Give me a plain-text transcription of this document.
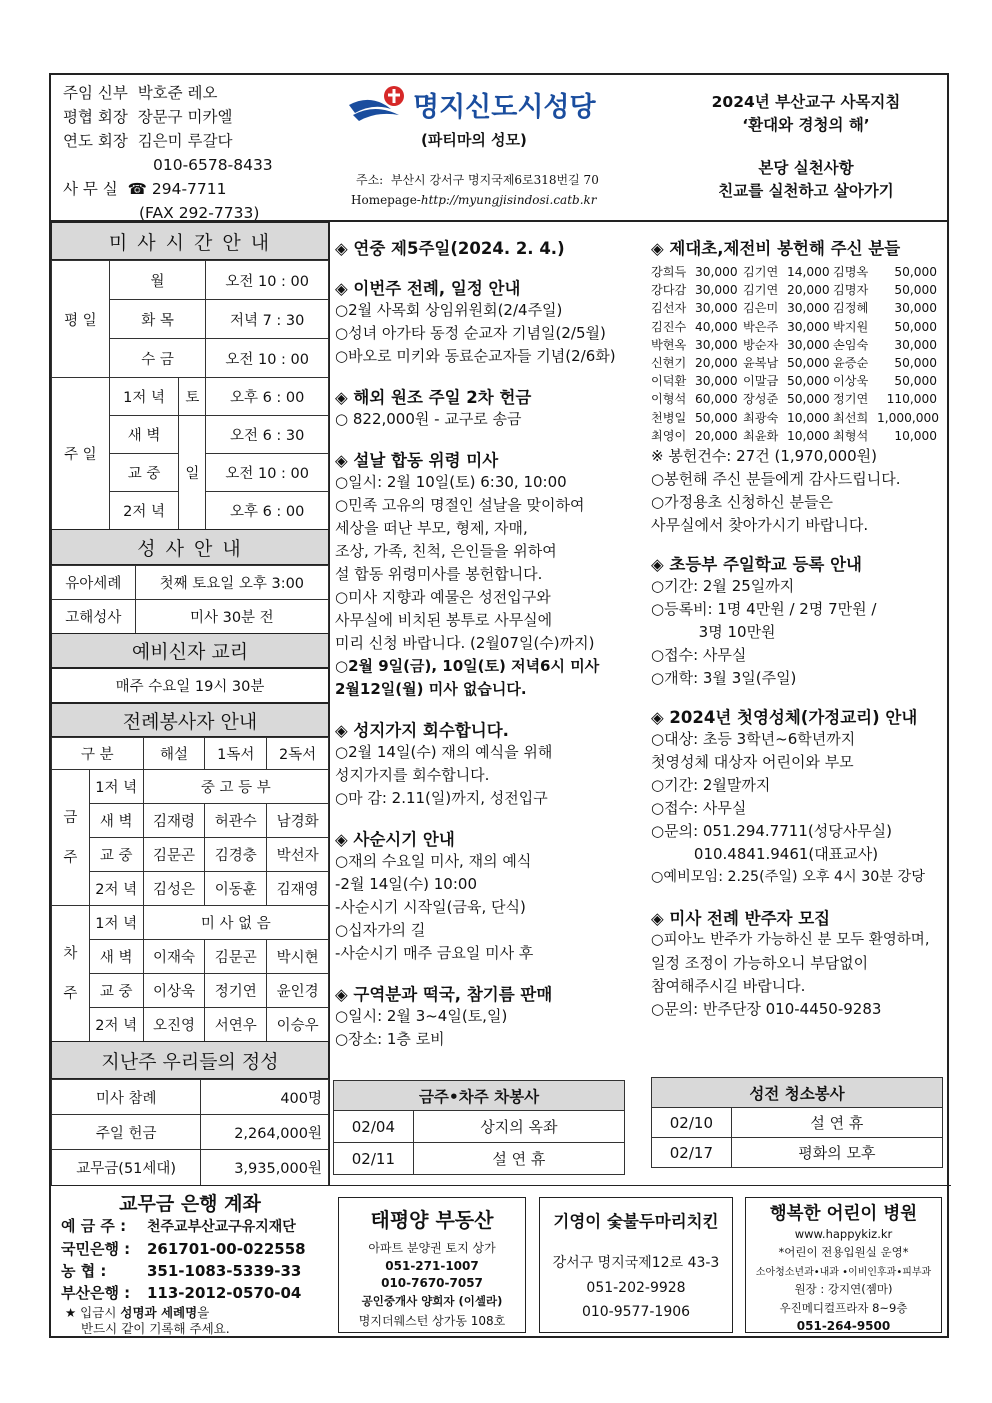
주임 신부 박호준 레오
평협 회장 장문구 미카엘
연도 회장 김은미 루갈다
010-6578-8433
사 무 실 ☎ 294-7711
(FAX 292-7733)
명지신도시성당
(파티마의 성모)
주소: 부산시 강서구 명지국제6로318번길 70
Homepage-http://myungjisindosi.catb.kr
2024년 부산교구 사목지침
‘환대와 경청의 해’
본당 실천사항
친교를 실천하고 살아가기
미 사 시 간 안 내
평 일	월		오전 10 : 00
	화 목		저녁 7 : 30
	수 금		오전 10 : 00
주 일	1저 녁	토	오후 6 : 00
	새 벽	일	오전 6 : 30
	교 중		오전 10 : 00
	2저 녁		오후 6 : 00
성 사 안 내
유아세례	첫째 토요일 오후 3:00
고해성사	미사 30분 전
예비신자 교리
매주 수요일 19시 30분
전례봉사자 안내
구 분		해설	1독서	2독서
금
주	1저 녁	중 고 등 부		
	새 벽	김재령	허관수	남경화
	교 중	김문곤	김경충	박선자
	2저 녁	김성은	이동훈	김재영
차
주	1저 녁	미 사 없 음		
	새 벽	이재숙	김문곤	박시현
	교 중	이상욱	정기연	윤인경
	2저 녁	오진영	서연우	이승우
지난주 우리들의 정성
미사 참례	400명
주일 헌금	2,264,000원
교무금(51세대)	3,935,000원
교무금 은행 계좌
예 금 주 : 천주교부산교구유지재단
국민은행 : 261701-00-022558
농 협 :	351-1083-5339-33
부산은행 : 113-2012-0570-04
★ 입금시 성명과 세례명을
반드시 같이 기록해 주세요.
◈ 연중 제5주일(2024. 2. 4.)
◈ 이번주 전례, 일정 안내
○2월 사목회 상임위원회(2/4주일)
○성녀 아가타 동정 순교자 기념일(2/5월)
○바오로 미키와 동료순교자들 기념(2/6화)
◈ 해외 원조 주일 2차 헌금
○ 822,000원 - 교구로 송금
◈ 설날 합동 위령 미사
○일시: 2월 10일(토) 6:30, 10:00
○민족 고유의 명절인 설날을 맞이하여
세상을 떠난 부모, 형제, 자매,
조상, 가족, 친척, 은인들을 위하여
설 합동 위령미사를 봉헌합니다.
○미사 지향과 예물은 성전입구와
사무실에 비치된 봉투로 사무실에
미리 신청 바랍니다. (2월07일(수)까지)
○2월 9일(금), 10일(토) 저녁6시 미사
2월12일(월) 미사 없습니다.
◈ 성지가지 회수합니다.
○2월 14일(수) 재의 예식을 위해
성지가지를 회수합니다.
○마 감: 2.11(일)까지, 성전입구
◈ 사순시기 안내
○재의 수요일 미사, 재의 예식
-2월 14일(수) 10:00
-사순시기 시작일(금육, 단식)
○십자가의 길
-사순시기 매주 금요일 미사 후
◈ 구역분과 떡국, 참기름 판매
○일시: 2월 3~4일(토,일)
○장소: 1층 로비
금주•차주 차봉사	
02/04	상지의 옥좌
02/11	설 연 휴
◈ 제대초,제전비 봉헌해 주신 분들
강희득 30,000 김기연 14,000 김명옥 50,000
강다감 30,000 김기연 20,000 김명자 50,000
김선자 30,000 김은미 30,000 김정혜 30,000
김진수 40,000 박은주 30,000 박지원 50,000
박현옥 30,000 방순자 30,000 손임숙 30,000
신현기 20,000 윤복남 50,000 윤증순 50,000
이덕환 30,000 이말금 50,000 이상욱 50,000
이형석 60,000 장성준 50,000 정기연 110,000
천병일 50,000 최광숙 10,000 최선희 1,000,000
최영이 20,000 최윤화 10,000 최형석 10,000
※ 봉헌건수: 27건 (1,970,000원)
○봉헌해 주신 분들에게 감사드립니다.
○가정용초 신청하신 분들은
사무실에서 찾아가시기 바랍니다.
◈ 초등부 주일학교 등록 안내
○기간: 2월 25일까지
○등록비: 1명 4만원 / 2명 7만원 /
3명 10만원
○접수: 사무실
○개학: 3월 3일(주일)
◈ 2024년 첫영성체(가정교리) 안내
○대상: 초등 3학년~6학년까지
첫영성체 대상자 어린이와 부모
○기간: 2월말까지
○접수: 사무실
○문의: 051.294.7711(성당사무실)
010.4841.9461(대표교사)
○예비모임: 2.25(주일) 오후 4시 30분 강당
◈ 미사 전례 반주자 모집
○피아노 반주가 가능하신 분 모두 환영하며,
일정 조정이 가능하오니 부담없이
참여해주시길 바랍니다.
○문의: 반주단장 010-4450-9283
성전 청소봉사	
02/10	설 연 휴
02/17	평화의 모후
태평양 부동산
아파트 분양권 토지 상가
051-271-1007
010-7670-7057
공인중개사 양희자 (이셀라)
명지더웨스턴 상가동 108호
기영이 숯불두마리치킨
강서구 명지국제12로 43-3
051-202-9928
010-9577-1906
행복한 어린이 병원
www.happykiz.kr
*어린이 전용입원실 운영*
소아청소년과•내과 •이비인후과•피부과
원장 : 강지연(젬마)
우진메디컬프라자 8~9층
051-264-9500
